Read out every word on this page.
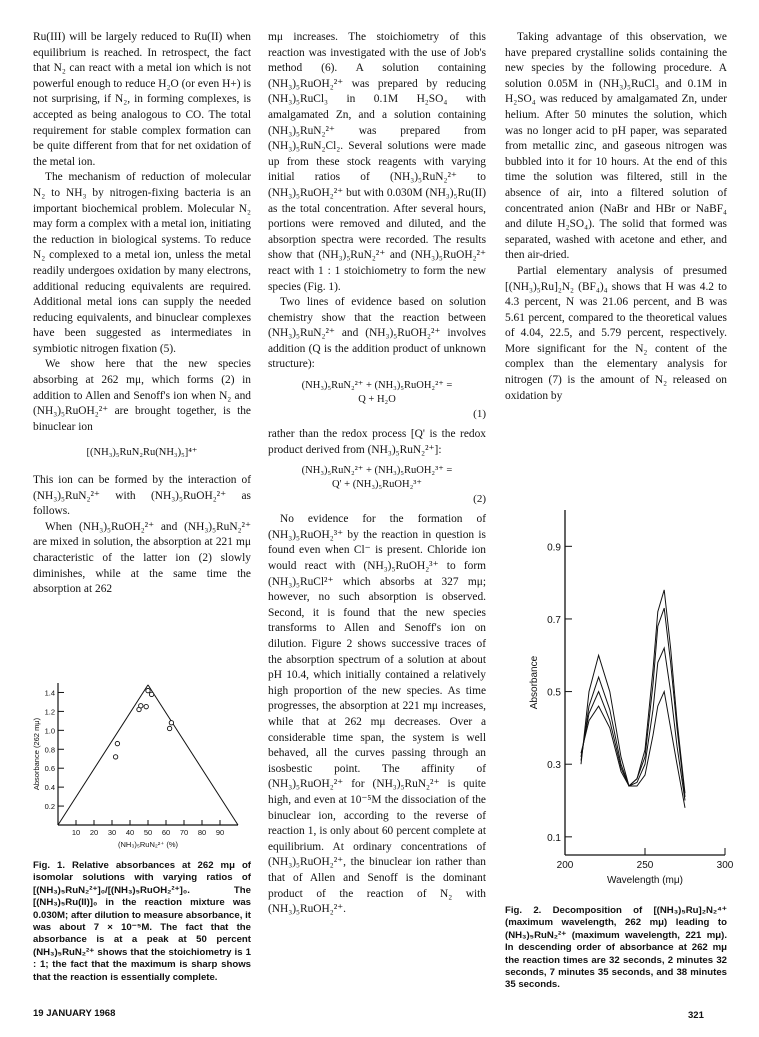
Ru(III) will be largely reduced to Ru(II) when equilibrium is reached. In retrospect, the fact that N₂ can react with a metal ion which is not powerful enough to reduce H₂O (or even H+) is not surprising, if N₂, in forming complexes, is accepted as being analogous to CO. The total requirement for stable complex formation can be quite different from that for net oxidation of the metal ion.

The mechanism of reduction of molecular N₂ to NH₃ by nitrogen-fixing bacteria is an important biochemical problem. Molecular N₂ may form a complex with a metal ion, initiating the reduction in biological systems. To reduce N₂ complexed to a metal ion, unless the metal readily undergoes oxidation by many electrons, additional reducing equivalents are required. Additional metal ions can supply the needed reducing equivalents, and binuclear complexes have been suggested as intermediates in symbiotic nitrogen fixation (5).

We show here that the new species absorbing at 262 mμ, which forms (2) in addition to Allen and Senoff's ion when N₂ and (NH₃)₅RuOH₂²⁺ are brought together, is the binuclear ion

[(NH₃)₅RuN₂Ru(NH₃)₅]⁴⁺

This ion can be formed by the interaction of (NH₃)₅RuN₂²⁺ with (NH₃)₅RuOH₂²⁺ as follows.

When (NH₃)₅RuOH₂²⁺ and (NH₃)₅RuN₂²⁺ are mixed in solution, the absorption at 221 mμ characteristic of the latter ion (2) slowly diminishes, while at the same time the absorption at 262

0.2
0.4
0.6
0.8
1.0
1.2
1.4
10 20 30 40 50 60 70 80 90
(NH₃)₅RuN₂²⁺ (%)
Absorbance (262 mμ)
Fig. 1. Relative absorbances at 262 mμ of isomolar solutions with varying ratios of [(NH₃)₅RuN₂²⁺]₀/[(NH₃)₅RuOH₂²⁺]₀. The [(NH₃)₅Ru(II)]₀ in the reaction mixture was 0.030M; after dilution to measure absorbance, it was about 7 × 10⁻⁵M. The fact that the absorbance is at a peak at 50 percent (NH₃)₅RuN₂²⁺ shows that the stoichiometry is 1 : 1; the fact that the maximum is sharp shows that the reaction is essentially complete.

mμ increases. The stoichiometry of this reaction was investigated with the use of Job's method (6). A solution containing (NH₃)₅RuOH₂²⁺ was prepared by reducing (NH₃)₅RuCl₃ in 0.1M H₂SO₄ with amalgamated Zn, and a solution containing (NH₃)₅RuN₂²⁺ was prepared from (NH₃)₅RuN₂Cl₂. Several solutions were made up from these stock reagents with varying initial ratios of (NH₃)₅RuN₂²⁺ to (NH₃)₅RuOH₂²⁺ but with 0.030M (NH₃)₅Ru(II) as the total concentration. After several hours, portions were removed and diluted, and the absorption spectra were recorded. The results show that (NH₃)₅RuN₂²⁺ and (NH₃)₅RuOH₂²⁺ react with 1 : 1 stoichiometry to form the new species (Fig. 1).

Two lines of evidence based on solution chemistry show that the reaction between (NH₃)₅RuN₂²⁺ and (NH₃)₅RuOH₂²⁺ involves addition (Q is the addition product of unknown structure):

(NH₃)₅RuN₂²⁺ + (NH₃)₅RuOH₂²⁺ =
Q + H₂O
(1)

rather than the redox process [Q' is the redox product derived from (NH₃)₅RuN₂²⁺]:

(NH₃)₅RuN₂²⁺ + (NH₃)₅RuOH₂³⁺ =
Q' + (NH₃)₅RuOH₂³⁺
(2)

No evidence for the formation of (NH₃)₅RuOH₂³⁺ by the reaction in question is found even when Cl⁻ is present. Chloride ion would react with (NH₃)₅RuOH₂³⁺ to form (NH₃)₅RuCl²⁺ which absorbs at 327 mμ; however, no such absorption is observed. Second, it is found that the new species transforms to Allen and Senoff's ion on dilution. Figure 2 shows successive traces of the absorption spectrum of a solution at about pH 10.4, which initially contained a relatively high proportion of the new species. As time progresses, the absorption at 221 mμ increases, while that at 262 mμ decreases. Over a considerable time span, the system is well behaved, all the curves passing through an isosbestic point. The affinity of (NH₃)₅RuOH₂²⁺ for (NH₃)₅RuN₂²⁺ is quite high, and even at 10⁻⁵M the dissociation of the binuclear ion, according to the reverse of reaction 1, is only about 60 percent complete at equilibrium. At ordinary concentrations of (NH₃)₅RuOH₂²⁺, the binuclear ion rather than that of Allen and Senoff is the dominant product of the reaction of N₂ with (NH₃)₅RuOH₂²⁺.

Taking advantage of this observation, we have prepared crystalline solids containing the new species by the following procedure. A solution 0.05M in (NH₃)₅RuCl₃ and 0.1M in H₂SO₄ was reduced by amalgamated Zn, under helium. After 50 minutes the solution, which was no longer acid to pH paper, was separated from metallic zinc, and gaseous nitrogen was bubbled into it for 10 hours. At the end of this time the solution was filtered, still in the absence of air, into a filtered solution of concentrated anion (NaBr and HBr or NaBF₄ and dilute H₂SO₄). The solid that formed was separated, washed with acetone and ether, and then air-dried.

Partial elementary analysis of presumed [(NH₃)₅Ru]₂N₂ (BF₄)₄ shows that H was 4.2 to 4.3 percent, N was 21.06 percent, and B was 5.61 percent, compared to the theoretical values of 4.04, 22.5, and 5.79 percent, respectively. More significant for the N₂ content of the complex than the elementary analysis for nitrogen (7) is the amount of N₂ released on oxidation by

0.1
0.3
0.5
0.7
0.9
200	250	300
Wavelength (mμ)
Absorbance
Fig. 2. Decomposition of [(NH₃)₅Ru]₂N₂⁴⁺ (maximum wavelength, 262 mμ) leading to (NH₃)₅RuN₂²⁺ (maximum wavelength, 221 mμ). In descending order of absorbance at 262 mμ the reaction times are 32 seconds, 2 minutes 32 seconds, 7 minutes 35 seconds, and 38 minutes 35 seconds.
19 JANUARY 1968	321
